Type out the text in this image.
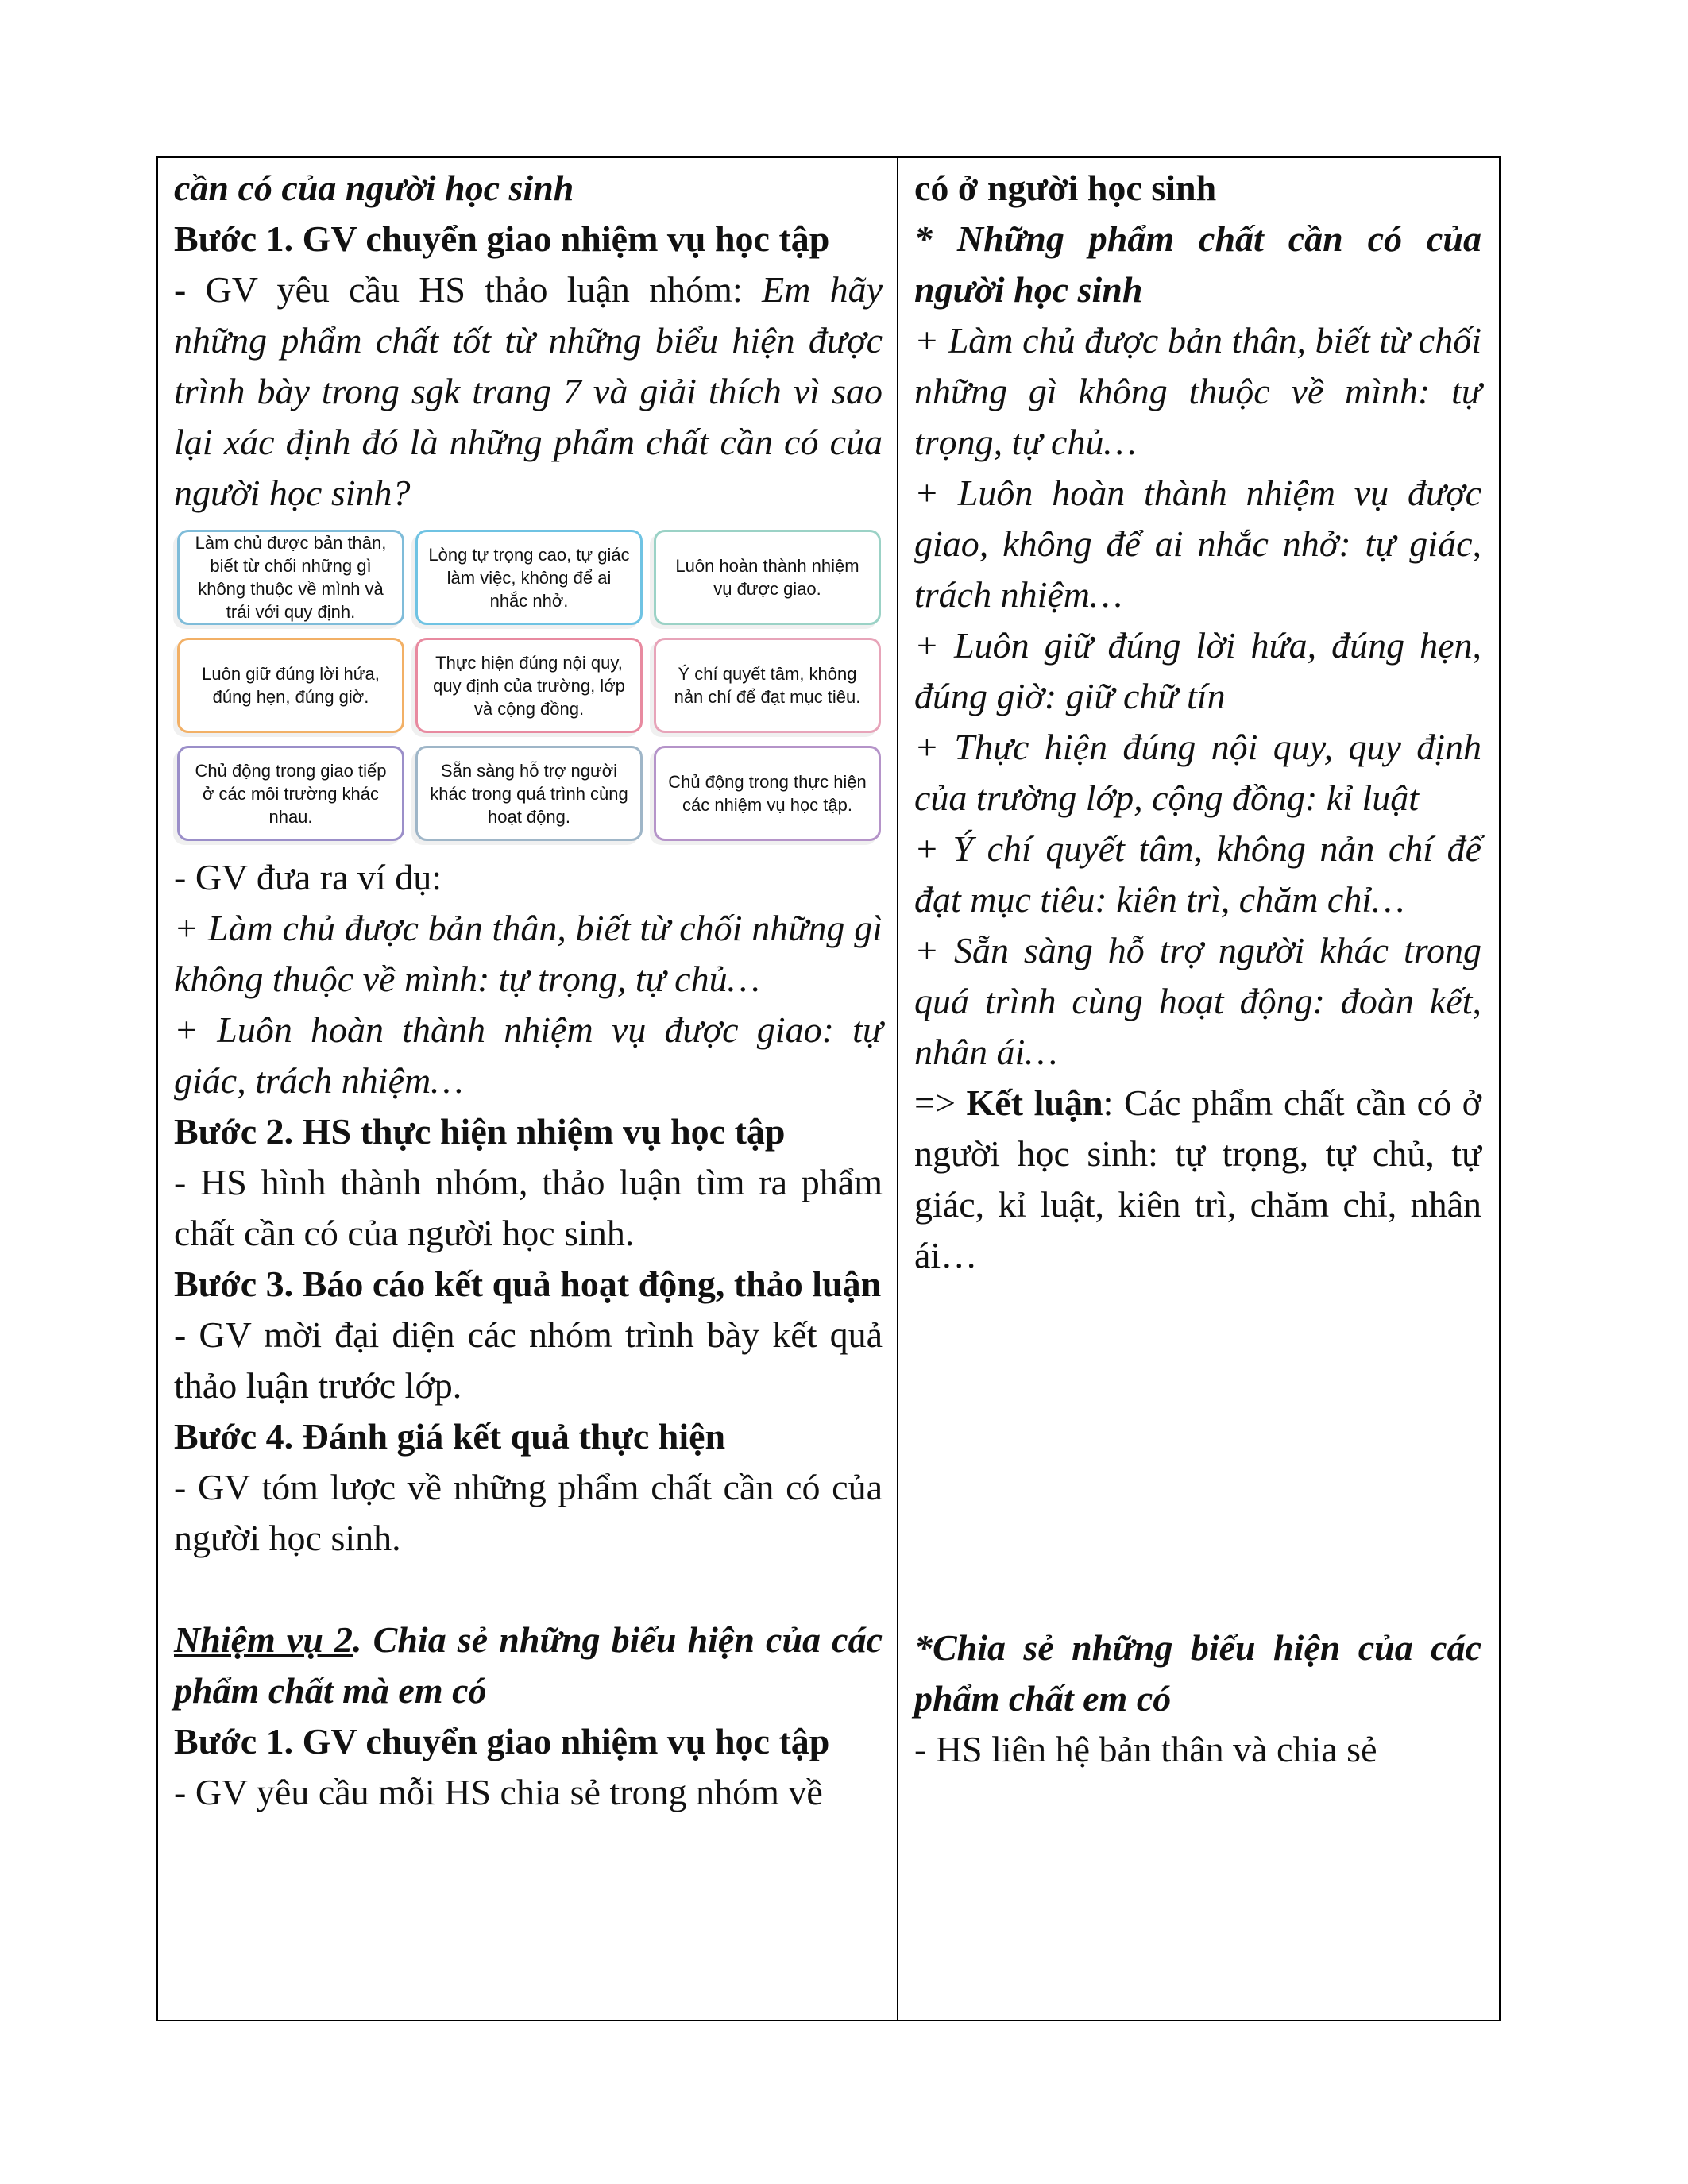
cần có của người học sinh

Bước 1. GV chuyển giao nhiệm vụ học tập

- GV yêu cầu HS thảo luận nhóm: Em hãy những phẩm chất tốt từ những biểu hiện được trình bày trong sgk trang 7 và giải thích vì sao lại xác định đó là những phẩm chất cần có của người học sinh?

Làm chủ được bản thân, biết từ chối những gì không thuộc về mình và trái với quy định.
Lòng tự trọng cao, tự giác làm việc, không để ai nhắc nhở.
Luôn hoàn thành nhiệm vụ được giao.
Luôn giữ đúng lời hứa, đúng hẹn, đúng giờ.
Thực hiện đúng nội quy, quy định của trường, lớp và cộng đồng.
Ý chí quyết tâm, không nản chí để đạt mục tiêu.
Chủ động trong giao tiếp ở các môi trường khác nhau.
Sẵn sàng hỗ trợ người khác trong quá trình cùng hoạt động.
Chủ động trong thực hiện các nhiệm vụ học tập.

- GV đưa ra ví dụ:

+ Làm chủ được bản thân, biết từ chối những gì không thuộc về mình: tự trọng, tự chủ…

+ Luôn hoàn thành nhiệm vụ được giao: tự giác, trách nhiệm…

Bước 2. HS thực hiện nhiệm vụ học tập

- HS hình thành nhóm, thảo luận tìm ra phẩm chất cần có của người học sinh.

Bước 3. Báo cáo kết quả hoạt động, thảo luận

- GV mời đại diện các nhóm trình bày kết quả thảo luận trước lớp.

Bước 4. Đánh giá kết quả thực hiện

- GV tóm lược về những phẩm chất cần có của người học sinh.

Nhiệm vụ 2. Chia sẻ những biểu hiện của các phẩm chất mà em có

Bước 1. GV chuyển giao nhiệm vụ học tập

- GV yêu cầu mỗi HS chia sẻ trong nhóm về

có ở người học sinh

* Những phẩm chất cần có của người học sinh

+ Làm chủ được bản thân, biết từ chối những gì không thuộc về mình: tự trọng, tự chủ…

+ Luôn hoàn thành nhiệm vụ được giao, không để ai nhắc nhở: tự giác, trách nhiệm…

+ Luôn giữ đúng lời hứa, đúng hẹn, đúng giờ: giữ chữ tín

+ Thực hiện đúng nội quy, quy định của trường lớp, cộng đồng: kỉ luật

+ Ý chí quyết tâm, không nản chí để đạt mục tiêu: kiên trì, chăm chỉ…

+ Sẵn sàng hỗ trợ người khác trong quá trình cùng hoạt động: đoàn kết, nhân ái…

=> Kết luận: Các phẩm chất cần có ở người học sinh: tự trọng, tự chủ, tự giác, kỉ luật, kiên trì, chăm chỉ, nhân ái…

*Chia sẻ những biểu hiện của các phẩm chất em có

- HS liên hệ bản thân và chia sẻ
